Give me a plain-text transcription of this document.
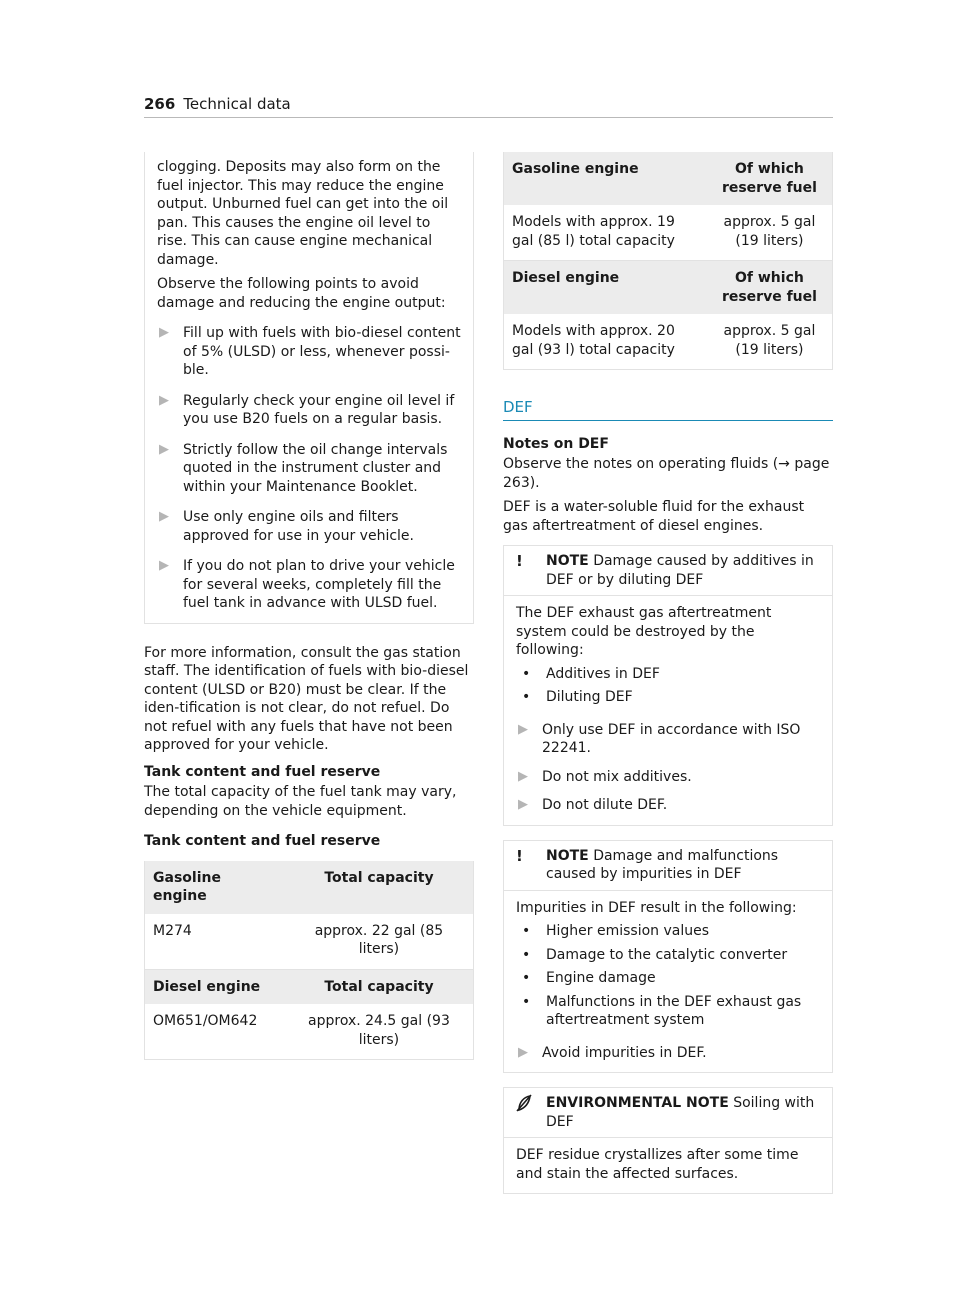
266 Technical data

clogging. Deposits may also form on the fuel injector. This may reduce the engine output. Unburned fuel can get into the oil pan. This causes the engine oil level to rise. This can cause engine mechanical damage.

Observe the following points to avoid damage and reducing the engine output:

▶	Fill up with fuels with bio-diesel content of 5% (ULSD) or less, whenever possi-ble.
▶	Regularly check your engine oil level if you use B20 fuels on a regular basis.
▶	Strictly follow the oil change intervals quoted in the instrument cluster and within your Maintenance Booklet.
▶	Use only engine oils and filters approved for use in your vehicle.
▶	If you do not plan to drive your vehicle for several weeks, completely fill the fuel tank in advance with ULSD fuel.

For more information, consult the gas station staff. The identification of fuels with bio-diesel content (ULSD or B20) must be clear. If the iden-tification is not clear, do not refuel. Do not refuel with any fuels that have not been approved for your vehicle.

Tank content and fuel reserve

The total capacity of the fuel tank may vary, depending on the vehicle equipment.

Tank content and fuel reserve
Gasoline engine	Total capacity
M274	approx. 22 gal (85 liters)
Diesel engine	Total capacity
OM651/OM642	approx. 24.5 gal (93 liters)
Gasoline engine	Of which reserve fuel
Models with approx. 19 gal (85 l) total capacity	approx. 5 gal (19 liters)
Diesel engine	Of which reserve fuel
Models with approx. 20 gal (93 l) total capacity	approx. 5 gal (19 liters)
DEF
Notes on DEF

Observe the notes on operating fluids (→ page 263).

DEF is a water-soluble fluid for the exhaust gas aftertreatment of diesel engines.

!	NOTE Damage caused by additives in DEF or by diluting DEF
The DEF exhaust gas aftertreatment system could be destroyed by the following:
•	Additives in DEF
•	Diluting DEF
▶	Only use DEF in accordance with ISO 22241.
▶	Do not mix additives.
▶	Do not dilute DEF.
!	NOTE Damage and malfunctions caused by impurities in DEF
Impurities in DEF result in the following:
•	Higher emission values
•	Damage to the catalytic converter
•	Engine damage
•	Malfunctions in the DEF exhaust gas aftertreatment system
▶	Avoid impurities in DEF.
ENVIRONMENTAL NOTE Soiling with DEF
DEF residue crystallizes after some time and stain the affected surfaces.
